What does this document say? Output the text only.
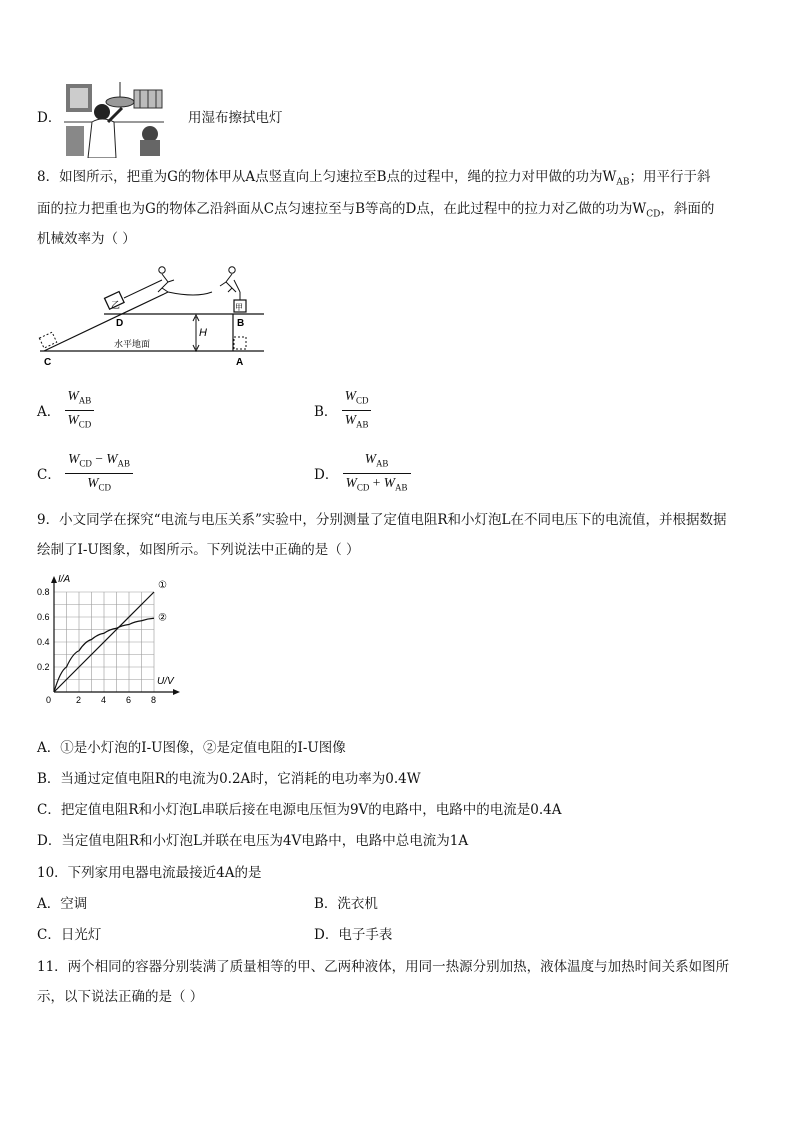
D．	用湿布擦拭电灯
8．如图所示，把重为G的物体甲从A点竖直向上匀速拉至B点的过程中，绳的拉力对甲做的功为$W_{AB}$；用平行于斜
面的拉力把重也为G的物体乙沿斜面从C点匀速拉至与B等高的D点，在此过程中的拉力对乙做的功为$W_{CD}$，斜面的
机械效率为（ ）
H
乙	甲
D	B
C	A
水平地面
A． $\frac{W_{AB}}{W_{CD}}$	B． $\frac{W_{CD}}{W_{AB}}$
C． $\frac{W_{CD} - W_{AB}}{W_{CD}}$	D． $\frac{W_{AB}}{W_{CD} + W_{AB}}$
9．小文同学在探究“电流与电压关系”实验中，分别测量了定值电阻R和小灯泡L在不同电压下的电流值，并根据数据
绘制了I-U图象，如图所示。下列说法中正确的是（ ）
2 4 6 8
0.2
0.4
0.6
0.8
①
②
U/V
I/A
0
A．①是小灯泡的I-U图像，②是定值电阻的I-U图像
B．当通过定值电阻R的电流为0.2A时，它消耗的电功率为0.4W
C．把定值电阻R和小灯泡L串联后接在电源电压恒为9V的电路中，电路中的电流是0.4A
D．当定值电阻R和小灯泡L并联在电压为4V电路中，电路中总电流为1A
10．下列家用电器电流最接近4A的是
A．空调	B．洗衣机
C．日光灯	D．电子手表
11．两个相同的容器分别装满了质量相等的甲、乙两种液体，用同一热源分别加热，液体温度与加热时间关系如图所
示，以下说法正确的是（ ）
